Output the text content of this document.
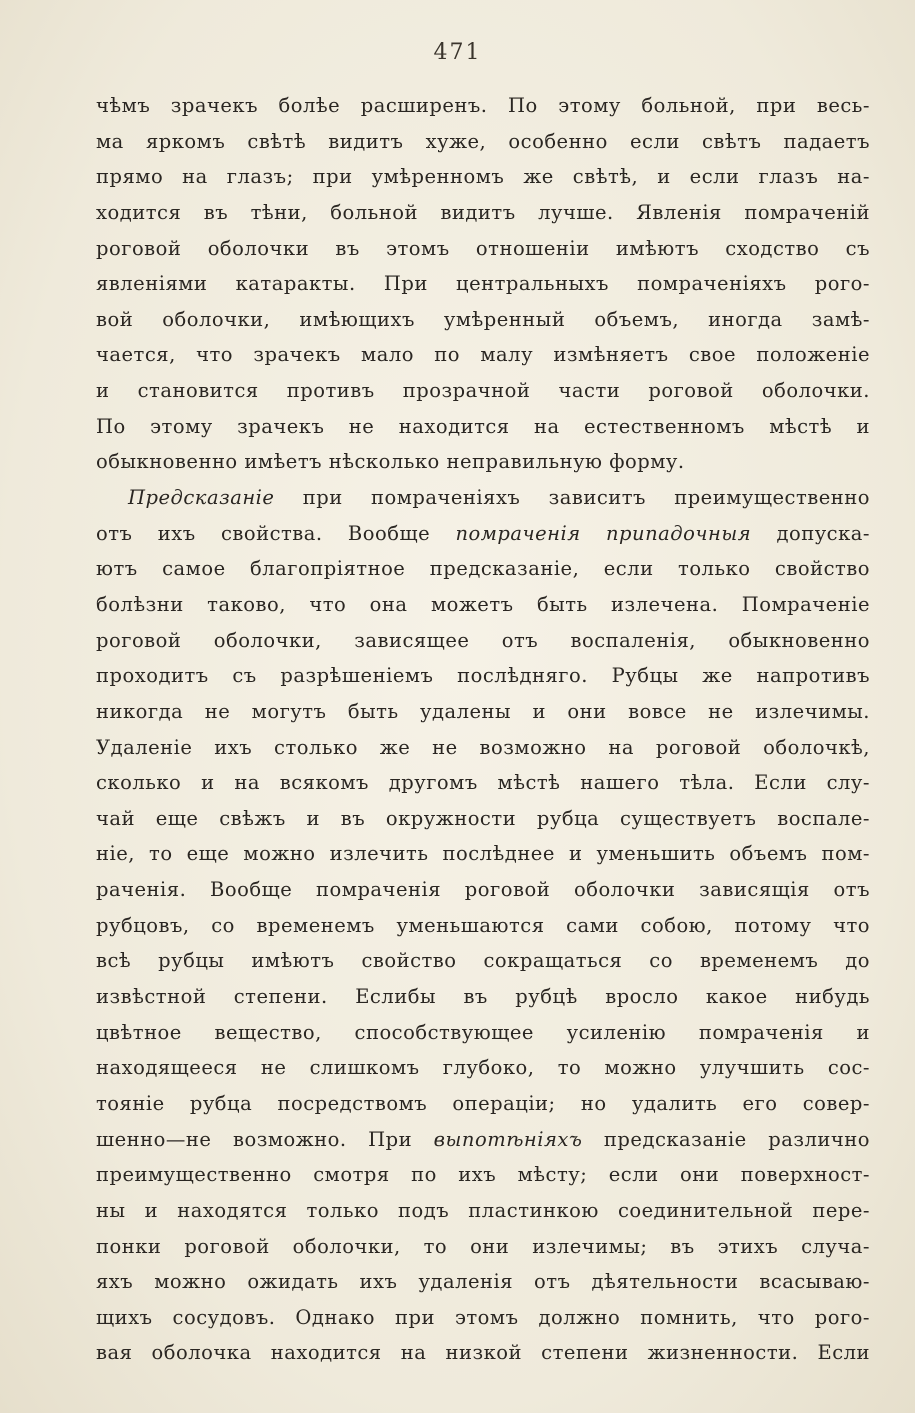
471
чѣмъ зрачекъ болѣе расширенъ. По этому больной, при весь-
ма яркомъ свѣтѣ видитъ хуже, особенно если свѣтъ падаетъ
прямо на глазъ; при умѣренномъ же свѣтѣ, и если глазъ на-
ходится въ тѣни, больной видитъ лучше. Явленія помраченій
роговой оболочки въ этомъ отношеніи имѣютъ сходство съ
явленіями катаракты. При центральныхъ помраченіяхъ рого-
вой оболочки, имѣющихъ умѣренный объемъ, иногда замѣ-
чается, что зрачекъ мало по малу измѣняетъ свое положеніе
и становится противъ прозрачной части роговой оболочки.
По этому зрачекъ не находится на естественномъ мѣстѣ и
обыкновенно имѣетъ нѣсколько неправильную форму.
Предсказаніе при помраченіяхъ зависитъ преимущественно
отъ ихъ свойства. Вообще помраченія припадочныя допуска-
ютъ самое благопріятное предсказаніе, если только свойство
болѣзни таково, что она можетъ быть излечена. Помраченіе
роговой оболочки, зависящее отъ воспаленія, обыкновенно
проходитъ съ разрѣшеніемъ послѣдняго. Рубцы же напротивъ
никогда не могутъ быть удалены и они вовсе не излечимы.
Удаленіе ихъ столько же не возможно на роговой оболочкѣ,
сколько и на всякомъ другомъ мѣстѣ нашего тѣла. Если слу-
чай еще свѣжъ и въ окружности рубца существуетъ воспале-
ніе, то еще можно излечить послѣднее и уменьшить объемъ пом-
раченія. Вообще помраченія роговой оболочки зависящія отъ
рубцовъ, со временемъ уменьшаются сами собою, потому что
всѣ рубцы имѣютъ свойство сокращаться со временемъ до
извѣстной степени. Еслибы въ рубцѣ вросло какое нибудь
цвѣтное вещество, способствующее усиленію помраченія и
находящееся не слишкомъ глубоко, то можно улучшить сос-
тояніе рубца посредствомъ операціи; но удалить его совер-
шенно—не возможно. При выпотѣніяхъ предсказаніе различно
преимущественно смотря по ихъ мѣсту; если они поверхност-
ны и находятся только подъ пластинкою соединительной пере-
понки роговой оболочки, то они излечимы; въ этихъ случа-
яхъ можно ожидать ихъ удаленія отъ дѣятельности всасываю-
щихъ сосудовъ. Однако при этомъ должно помнить, что рого-
вая оболочка находится на низкой степени жизненности. Если
